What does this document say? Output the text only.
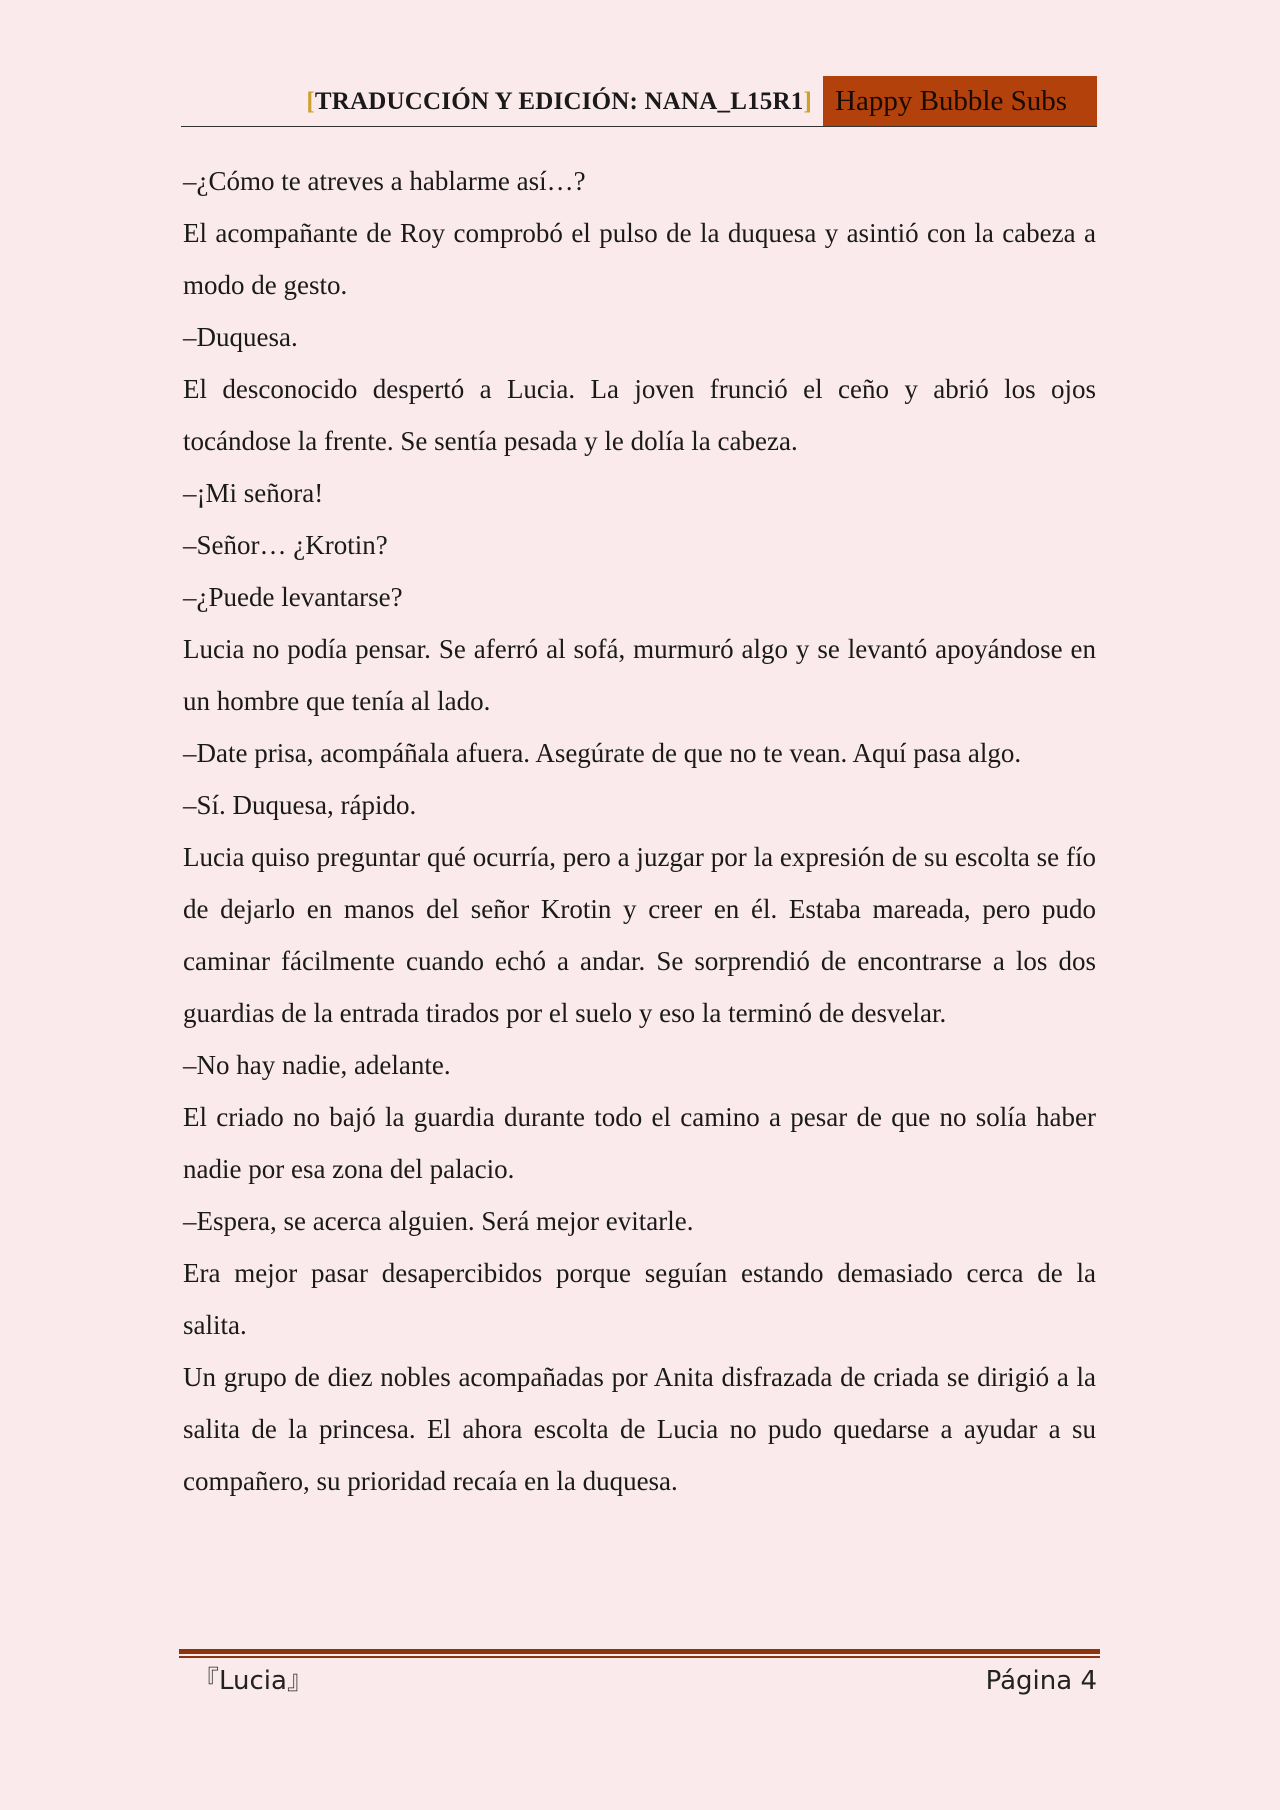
[TRADUCCIÓN Y EDICIÓN: NANA_L15R1] Happy Bubble Subs

–¿Cómo te atreves a hablarme así…?

El acompañante de Roy comprobó el pulso de la duquesa y asintió con la cabeza a modo de gesto.

–Duquesa.

El desconocido despertó a Lucia. La joven frunció el ceño y abrió los ojos tocándose la frente. Se sentía pesada y le dolía la cabeza.

–¡Mi señora!

–Señor… ¿Krotin?

–¿Puede levantarse?

Lucia no podía pensar. Se aferró al sofá, murmuró algo y se levantó apoyándose en un hombre que tenía al lado.

–Date prisa, acompáñala afuera. Asegúrate de que no te vean. Aquí pasa algo.

–Sí. Duquesa, rápido.

Lucia quiso preguntar qué ocurría, pero a juzgar por la expresión de su escolta se fío de dejarlo en manos del señor Krotin y creer en él. Estaba mareada, pero pudo caminar fácilmente cuando echó a andar. Se sorprendió de encontrarse a los dos guardias de la entrada tirados por el suelo y eso la terminó de desvelar.

–No hay nadie, adelante.

El criado no bajó la guardia durante todo el camino a pesar de que no solía haber nadie por esa zona del palacio.

–Espera, se acerca alguien. Será mejor evitarle.

Era mejor pasar desapercibidos porque seguían estando demasiado cerca de la salita.

Un grupo de diez nobles acompañadas por Anita disfrazada de criada se dirigió a la salita de la princesa. El ahora escolta de Lucia no pudo quedarse a ayudar a su compañero, su prioridad recaía en la duquesa.

『Lucia』	Página 4
